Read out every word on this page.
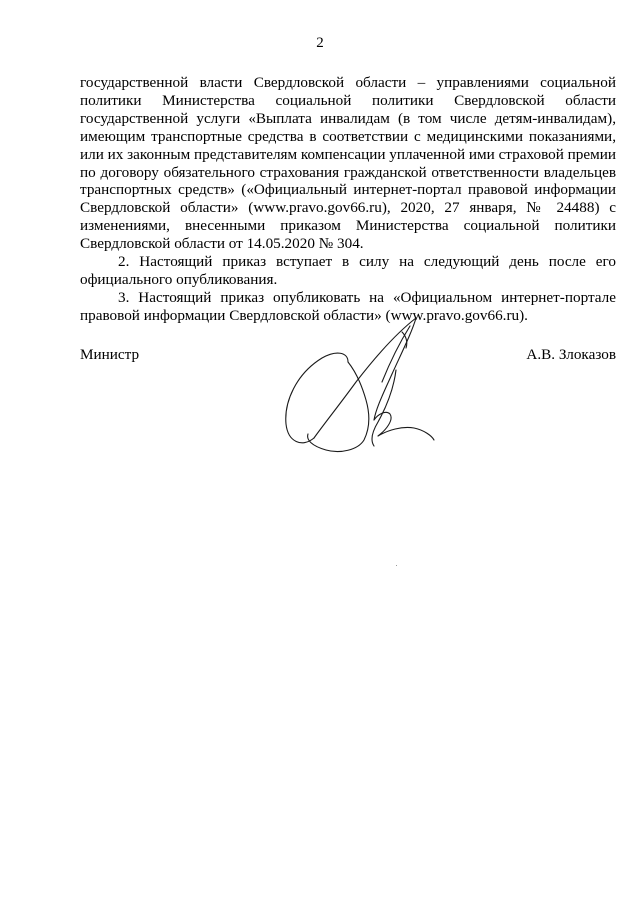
2

государственной власти Свердловской области – управлениями социальной политики Министерства социальной политики Свердловской области государственной услуги «Выплата инвалидам (в том числе детям-инвалидам), имеющим транспортные средства в соответствии с медицинскими показаниями, или их законным представителям компенсации уплаченной ими страховой премии по договору обязательного страхования гражданской ответственности владельцев транспортных средств» («Официальный интернет-портал правовой информации Свердловской области» (www.pravo.gov66.ru), 2020, 27 января, № 24488) с изменениями, внесенными приказом Министерства социальной политики Свердловской области от 14.05.2020 № 304.

2. Настоящий приказ вступает в силу на следующий день после его официального опубликования.

3. Настоящий приказ опубликовать на «Официальном интернет-портале правовой информации Свердловской области» (www.pravo.gov66.ru).

Министр	А.В. Злоказов
